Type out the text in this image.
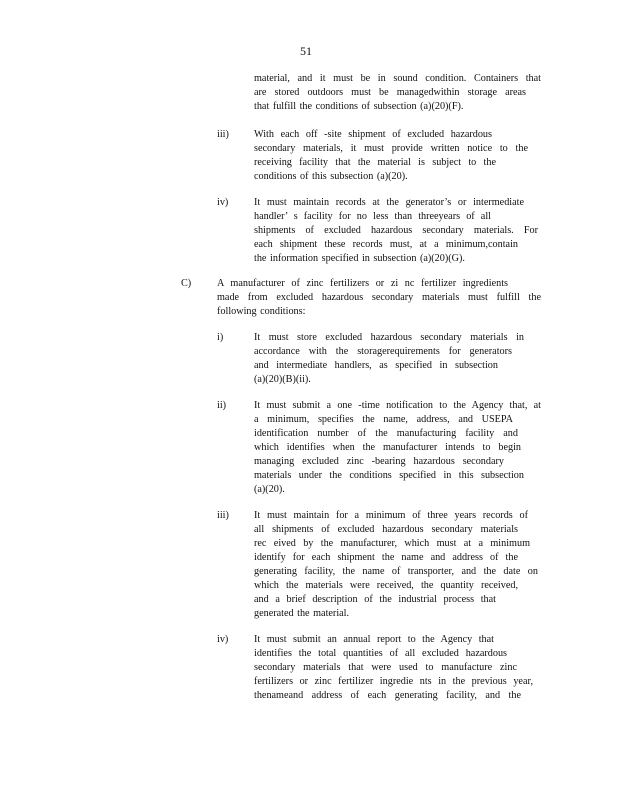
51
material, and it must be in sound condition. Containers that
are stored outdoors must be managedwithin storage areas
that fulfill the conditions of subsection (a)(20)(F).
iii) With each off -site shipment of excluded hazardous
secondary materials, it must provide written notice to the
receiving facility that the material is subject to the
conditions of this subsection (a)(20).
iv)	It must maintain records at the generator’s or intermediate
handler’ s facility for no less than threeyears of all
shipments of excluded hazardous secondary materials. For
each shipment these records must, at a minimum,contain
the information specified in subsection (a)(20)(G).
C)	A manufacturer of zinc fertilizers or zi nc fertilizer ingredients
made from excluded hazardous secondary materials must fulfill the
following conditions:
i)	It must store excluded hazardous secondary materials in
accordance with the storagerequirements for generators
and intermediate handlers, as specified in subsection
(a)(20)(B)(ii).
ii)	It must submit a one -time notification to the Agency that, at
a minimum, specifies the name, address, and USEPA
identification number of the manufacturing facility and
which identifies when the manufacturer intends to begin
managing excluded zinc -bearing hazardous secondary
materials under the conditions specified in this subsection
(a)(20).
iii) It must maintain for a minimum of three years records of
all shipments of excluded hazardous secondary materials
rec eived by the manufacturer, which must at a minimum
identify for each shipment the name and address of the
generating facility, the name of transporter, and the date on
which the materials were received, the quantity received,
and a brief description of the industrial process that
generated the material.
iv)	It must submit an annual report to the Agency that
identifies the total quantities of all excluded hazardous
secondary materials that were used to manufacture zinc
fertilizers or zinc fertilizer ingredie nts in the previous year,
thenameand address of each generating facility, and the
